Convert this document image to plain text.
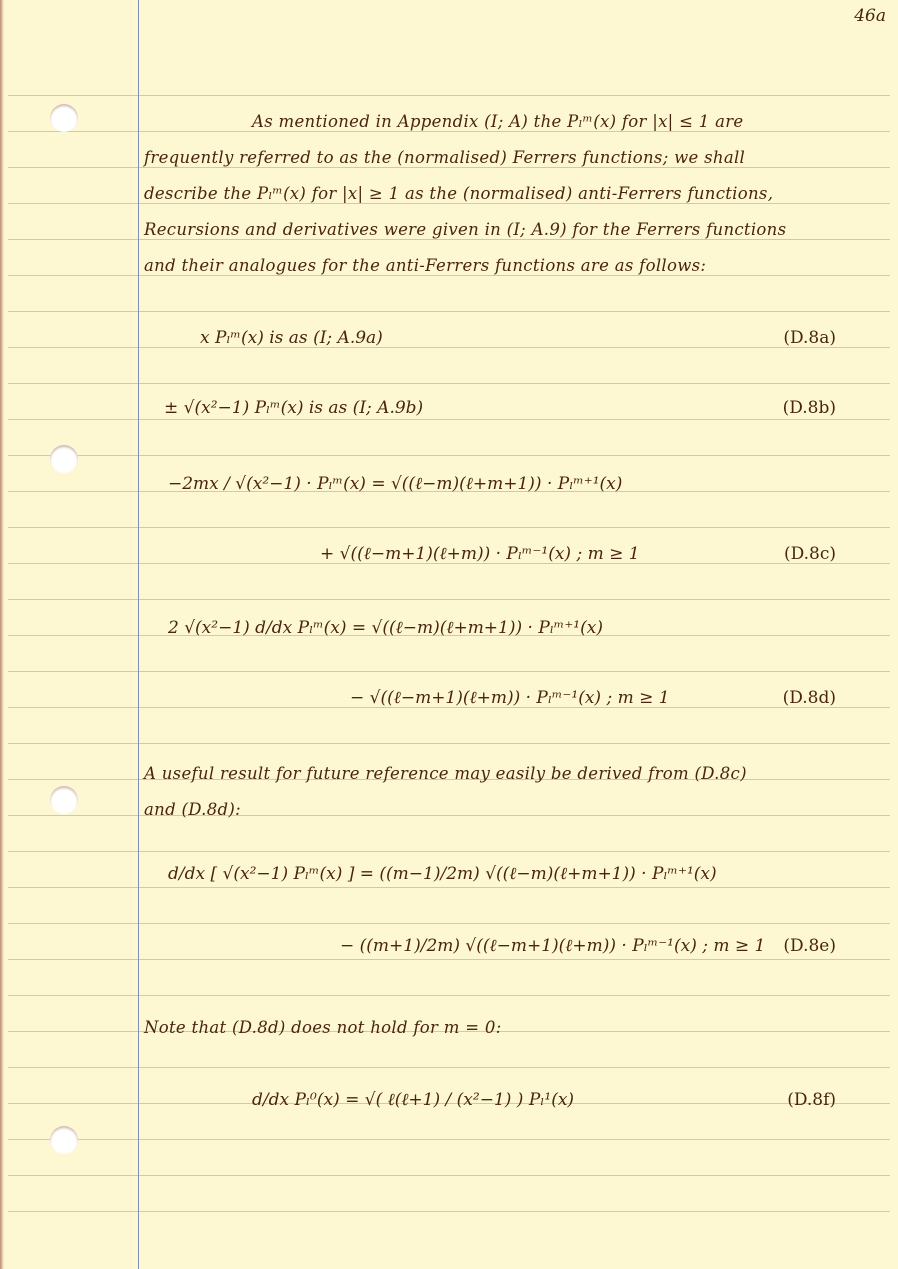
46a
As mentioned in Appendix (I; A) the Pₗᵐ(x) for |x| ≤ 1 are
frequently referred to as the (normalised) Ferrers functions; we shall
describe the Pₗᵐ(x) for |x| ≥ 1 as the (normalised) anti-Ferrers functions,
Recursions and derivatives were given in (I; A.9) for the Ferrers functions
and their analogues for the anti-Ferrers functions are as follows:
x Pₗᵐ(x) is as (I; A.9a)	(D.8a)
± √(x²−1) Pₗᵐ(x) is as (I; A.9b)	(D.8b)
−2mx / √(x²−1) · Pₗᵐ(x) = √((ℓ−m)(ℓ+m+1)) · Pₗᵐ⁺¹(x)
+ √((ℓ−m+1)(ℓ+m)) · Pₗᵐ⁻¹(x) ; m ≥ 1	(D.8c)
2 √(x²−1) d/dx Pₗᵐ(x) = √((ℓ−m)(ℓ+m+1)) · Pₗᵐ⁺¹(x)
− √((ℓ−m+1)(ℓ+m)) · Pₗᵐ⁻¹(x) ; m ≥ 1	(D.8d)
A useful result for future reference may easily be derived from (D.8c)
and (D.8d):
d/dx [ √(x²−1) Pₗᵐ(x) ] = ((m−1)/2m) √((ℓ−m)(ℓ+m+1)) · Pₗᵐ⁺¹(x)
− ((m+1)/2m) √((ℓ−m+1)(ℓ+m)) · Pₗᵐ⁻¹(x) ; m ≥ 1 (D.8e)
Note that (D.8d) does not hold for m = 0:
d/dx Pₗ⁰(x) = √( ℓ(ℓ+1) / (x²−1) ) Pₗ¹(x)	(D.8f)
